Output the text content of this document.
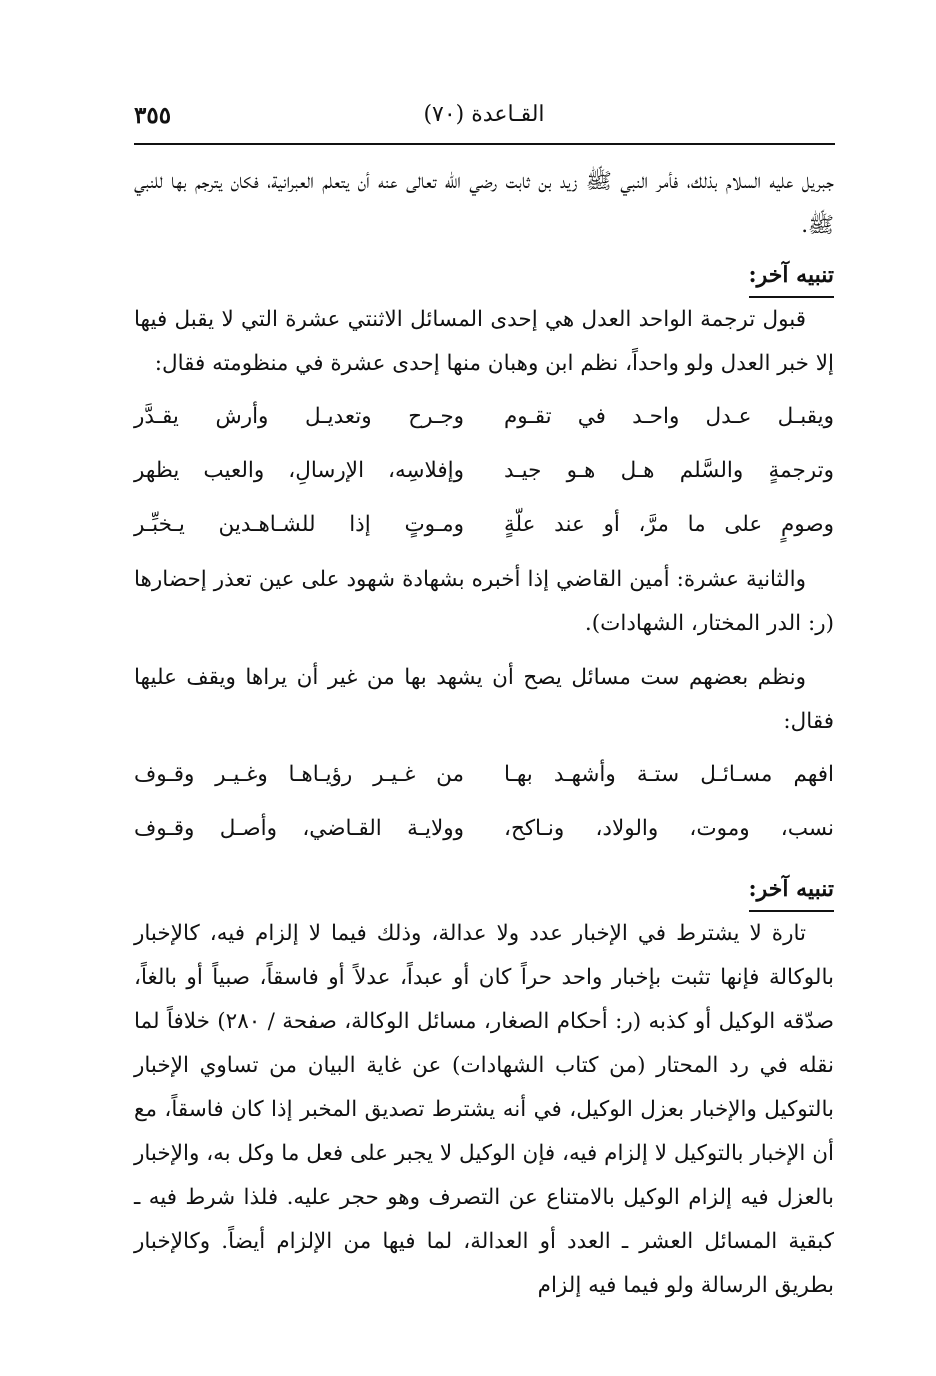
٣٥٥	القـاعدة (٧٠)

جبريل عليه السلام بذلك، فأمر النبي ﷺ زيد بن ثابت رضي الله تعالى عنه أن يتعلم العبرانية، فكان يترجم بها للنبي ﷺ.

تنبيه آخر:

قبول ترجمة الواحد العدل هي إحدى المسائل الاثنتي عشرة التي لا يقبل فيها إلا خبر العدل ولو واحداً، نظم ابن وهبان منها إحدى عشرة في منظومته فقال:

ويقبـل عـدل واحـد في تقـوم
وجـرح وتعديـل وأرش يقـدَّر
وترجمةٍ والسَّلم هـل هـو جيـد
وإفلاسِه، الإرسالِ، والعيب يظهر
وصومٍ على ما مرَّ، أو عند علّةٍ
ومـوتٍ إذا للشـاهـدين يـخبِّـر

والثانية عشرة: أمين القاضي إذا أخبره بشهادة شهود على عين تعذر إحضارها (ر: الدر المختار، الشهادات).

ونظم بعضهم ست مسائل يصح أن يشهد بها من غير أن يراها ويقف عليها فقال:

افهم مسـائـل ستـة وأشهـد بهـا
من غـيـر رؤيـاهـا وغـيـر وقـوف
نسب، وموت، والولاد، ونـاكح،
وولايـة القـاضي، وأصـل وقـوف
تنبيه آخر:

تارة لا يشترط في الإخبار عدد ولا عدالة، وذلك فيما لا إلزام فيه، كالإخبار بالوكالة فإنها تثبت بإخبار واحد حراً كان أو عبداً، عدلاً أو فاسقاً، صبياً أو بالغاً، صدّقه الوكيل أو كذبه (ر: أحكام الصغار، مسائل الوكالة، صفحة / ٢٨٠) خلافاً لما نقله في رد المحتار (من كتاب الشهادات) عن غاية البيان من تساوي الإخبار بالتوكيل والإخبار بعزل الوكيل، في أنه يشترط تصديق المخبر إذا كان فاسقاً، مع أن الإخبار بالتوكيل لا إلزام فيه، فإن الوكيل لا يجبر على فعل ما وكل به، والإخبار بالعزل فيه إلزام الوكيل بالامتناع عن التصرف وهو حجر عليه. فلذا شرط فيه ـ كبقية المسائل العشر ـ العدد أو العدالة، لما فيها من الإلزام أيضاً. وكالإخبار بطريق الرسالة ولو فيما فيه إلزام
